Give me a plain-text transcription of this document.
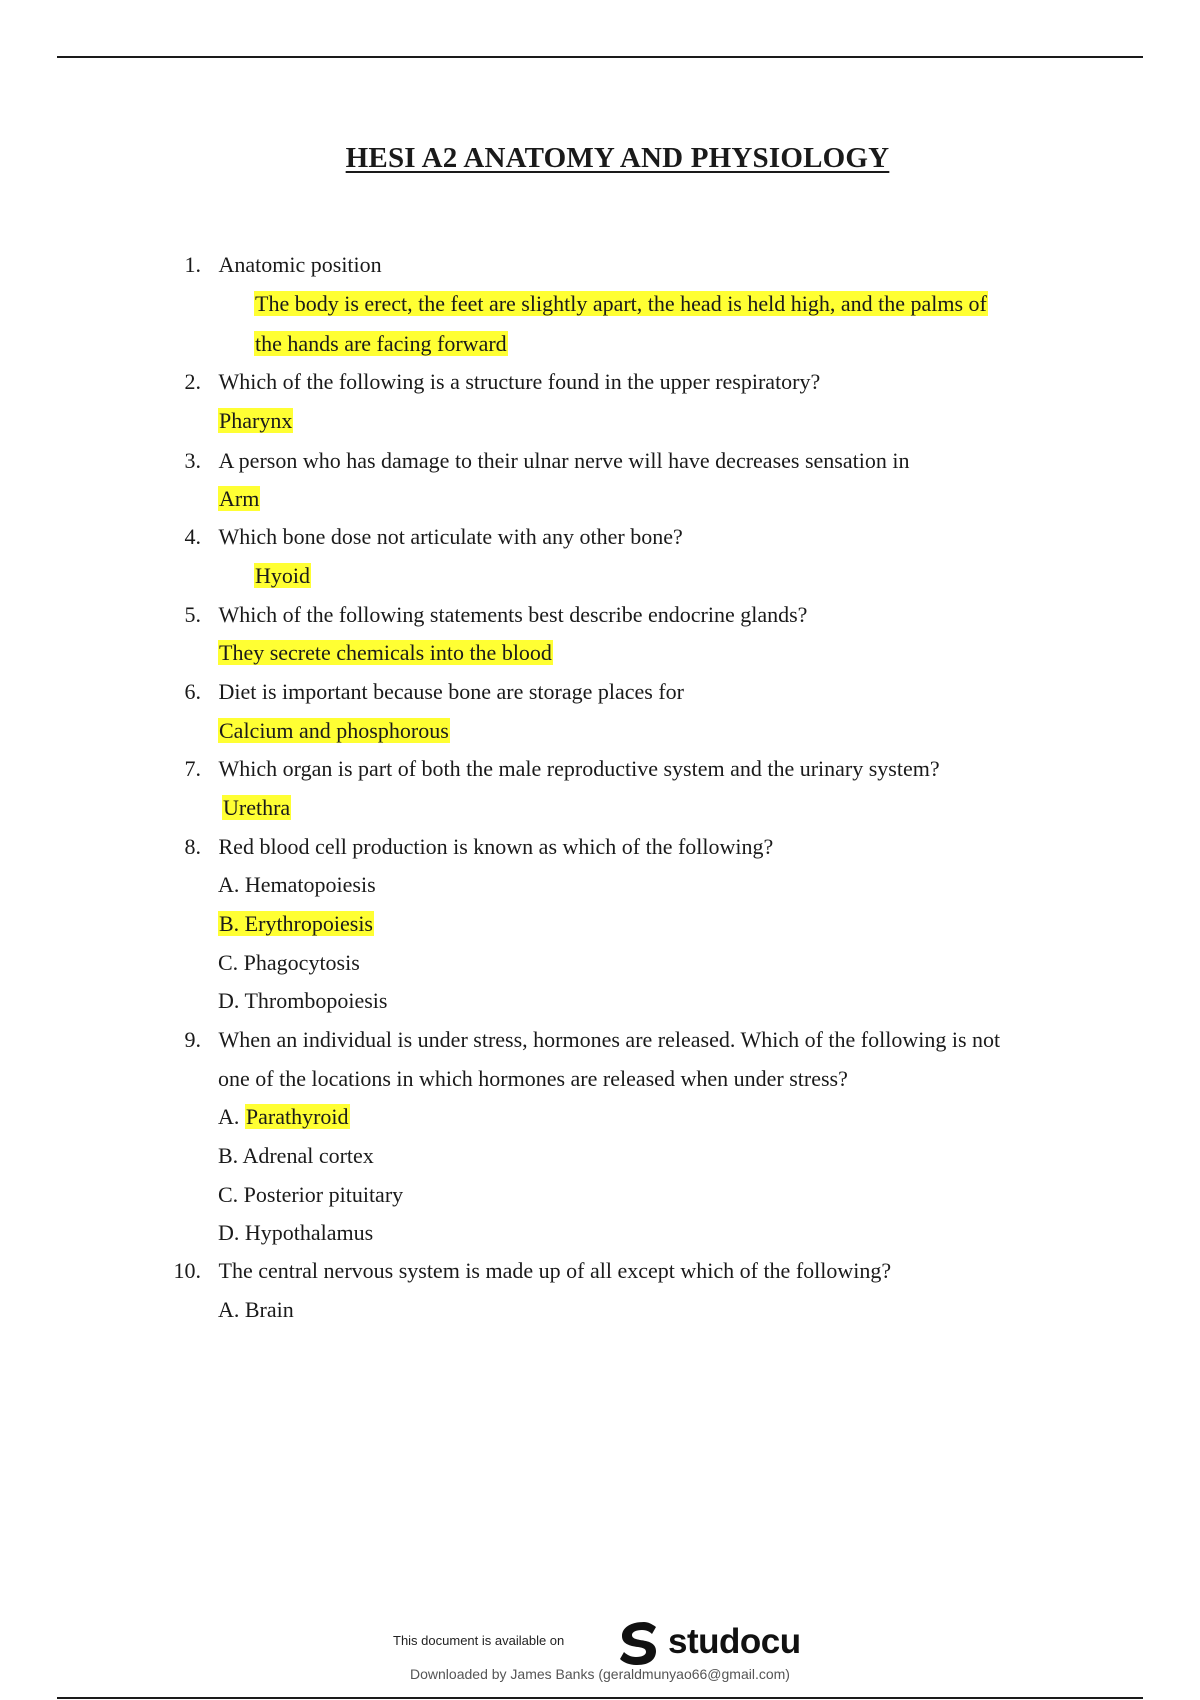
HESI A2 ANATOMY AND PHYSIOLOGY
1. Anatomic position
The body is erect, the feet are slightly apart, the head is held high, and the palms of
the hands are facing forward
2. Which of the following is a structure found in the upper respiratory?
Pharynx
3. A person who has damage to their ulnar nerve will have decreases sensation in
Arm
4. Which bone dose not articulate with any other bone?
Hyoid
5. Which of the following statements best describe endocrine glands?
They secrete chemicals into the blood
6. Diet is important because bone are storage places for
Calcium and phosphorous
7. Which organ is part of both the male reproductive system and the urinary system?
Urethra
8. Red blood cell production is known as which of the following?
A. Hematopoiesis
B. Erythropoiesis
C. Phagocytosis
D. Thrombopoiesis
9. When an individual is under stress, hormones are released. Which of the following is not
one of the locations in which hormones are released when under stress?
A. Parathyroid
B. Adrenal cortex
C. Posterior pituitary
D. Hypothalamus
10. The central nervous system is made up of all except which of the following?
A. Brain
This document is available on	studocu
Downloaded by James Banks (geraldmunyao66@gmail.com)
